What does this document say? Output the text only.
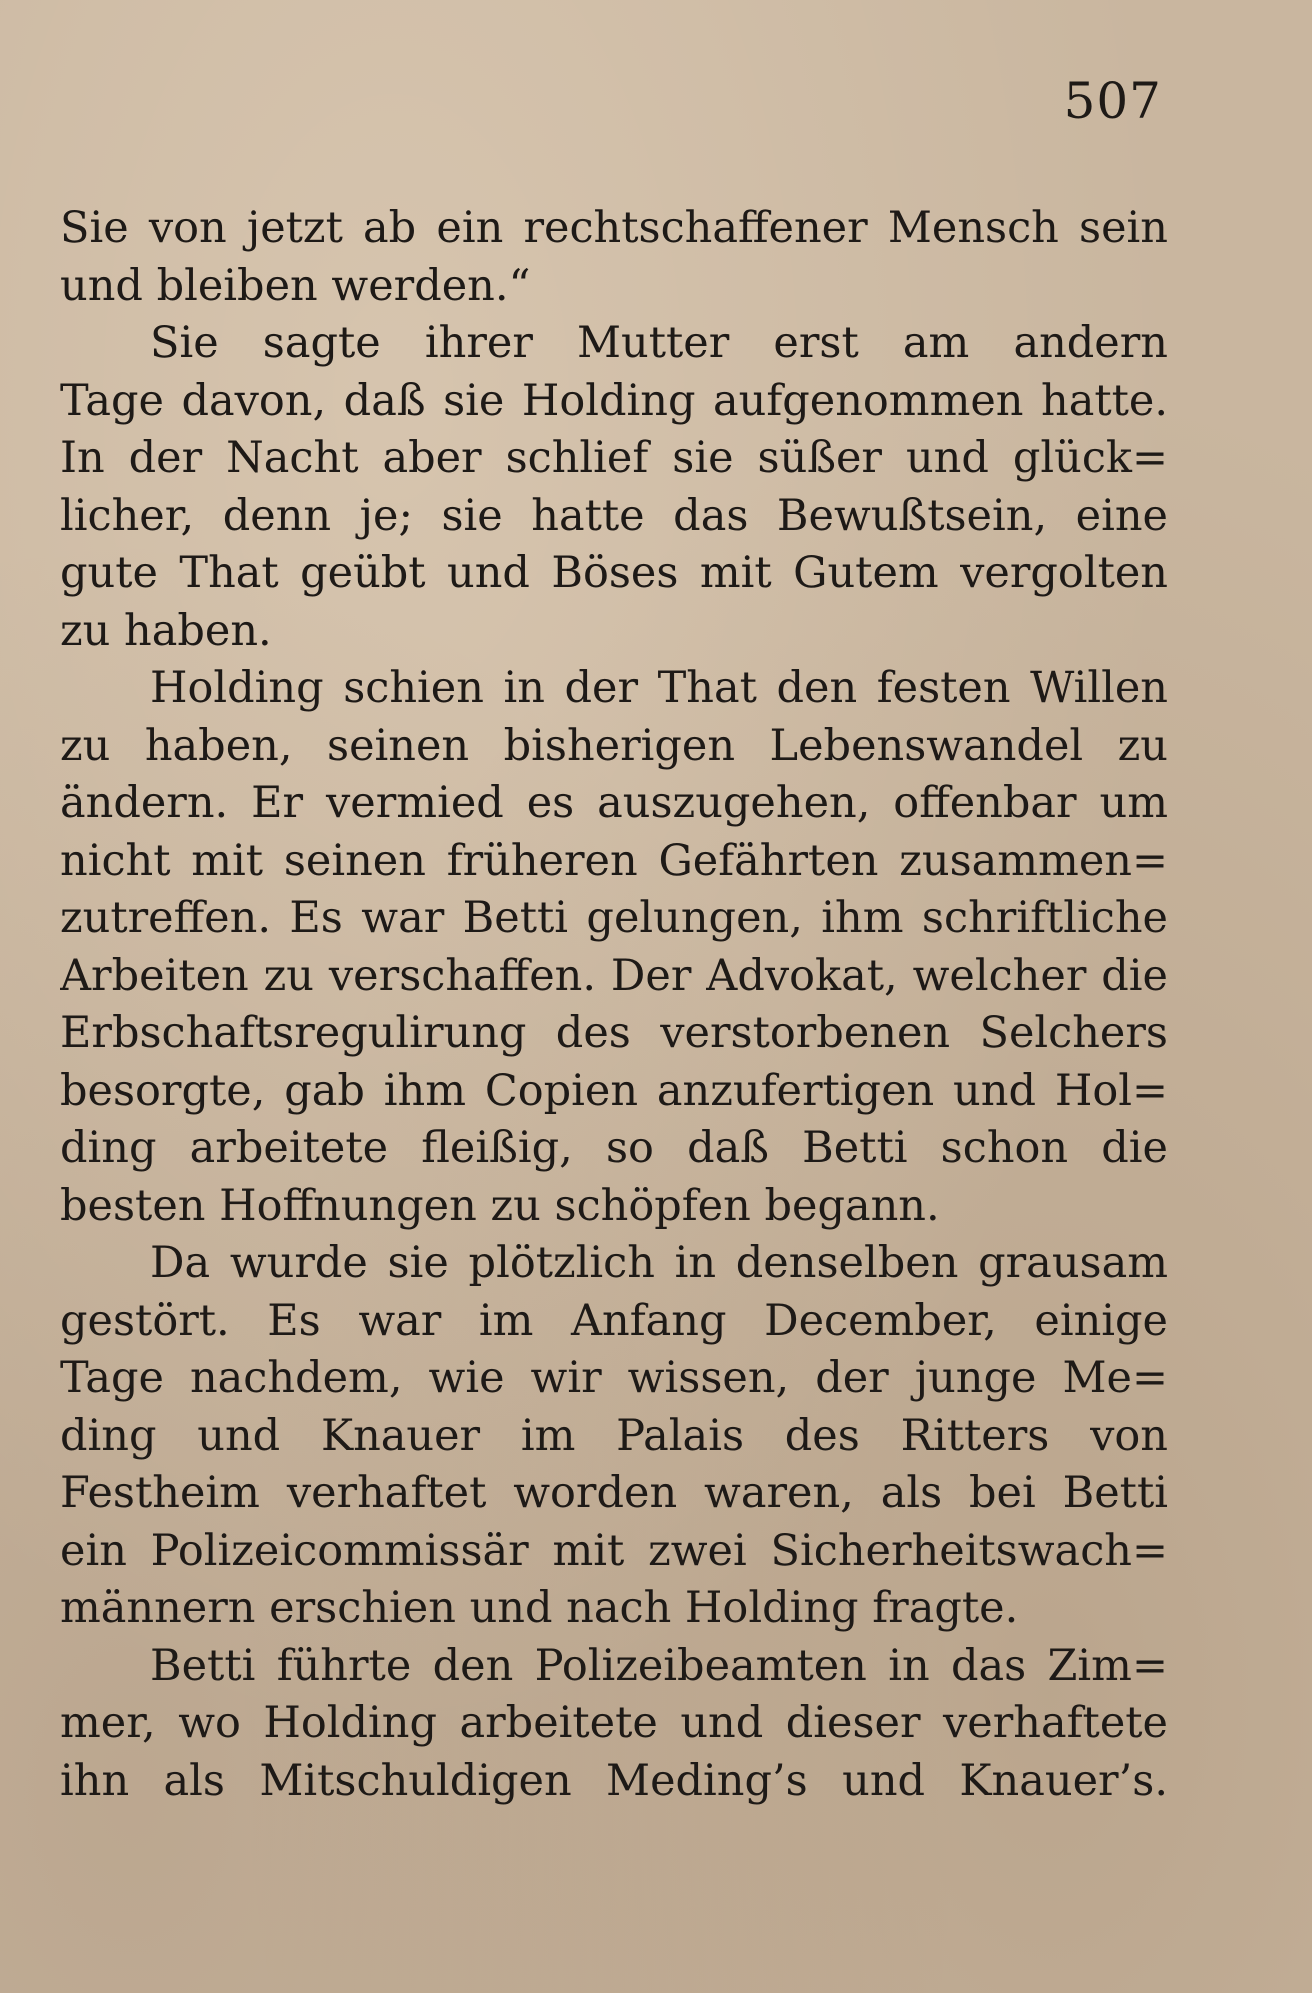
507
Sie von jetzt ab ein rechtschaffener Mensch sein
und bleiben werden.“
Sie sagte ihrer Mutter erst am andern
Tage davon, daß sie Holding aufgenommen hatte.
In der Nacht aber schlief sie süßer und glück=
licher, denn je; sie hatte das Bewußtsein, eine
gute That geübt und Böses mit Gutem vergolten
zu haben.
Holding schien in der That den festen Willen
zu haben, seinen bisherigen Lebenswandel zu
ändern. Er vermied es auszugehen, offenbar um
nicht mit seinen früheren Gefährten zusammen=
zutreffen. Es war Betti gelungen, ihm schriftliche
Arbeiten zu verschaffen. Der Advokat, welcher die
Erbschaftsregulirung des verstorbenen Selchers
besorgte, gab ihm Copien anzufertigen und Hol=
ding arbeitete fleißig, so daß Betti schon die
besten Hoffnungen zu schöpfen begann.
Da wurde sie plötzlich in denselben grausam
gestört. Es war im Anfang December, einige
Tage nachdem, wie wir wissen, der junge Me=
ding und Knauer im Palais des Ritters von
Festheim verhaftet worden waren, als bei Betti
ein Polizeicommissär mit zwei Sicherheitswach=
männern erschien und nach Holding fragte.
Betti führte den Polizeibeamten in das Zim=
mer, wo Holding arbeitete und dieser verhaftete
ihn als Mitschuldigen Meding’s und Knauer’s.
